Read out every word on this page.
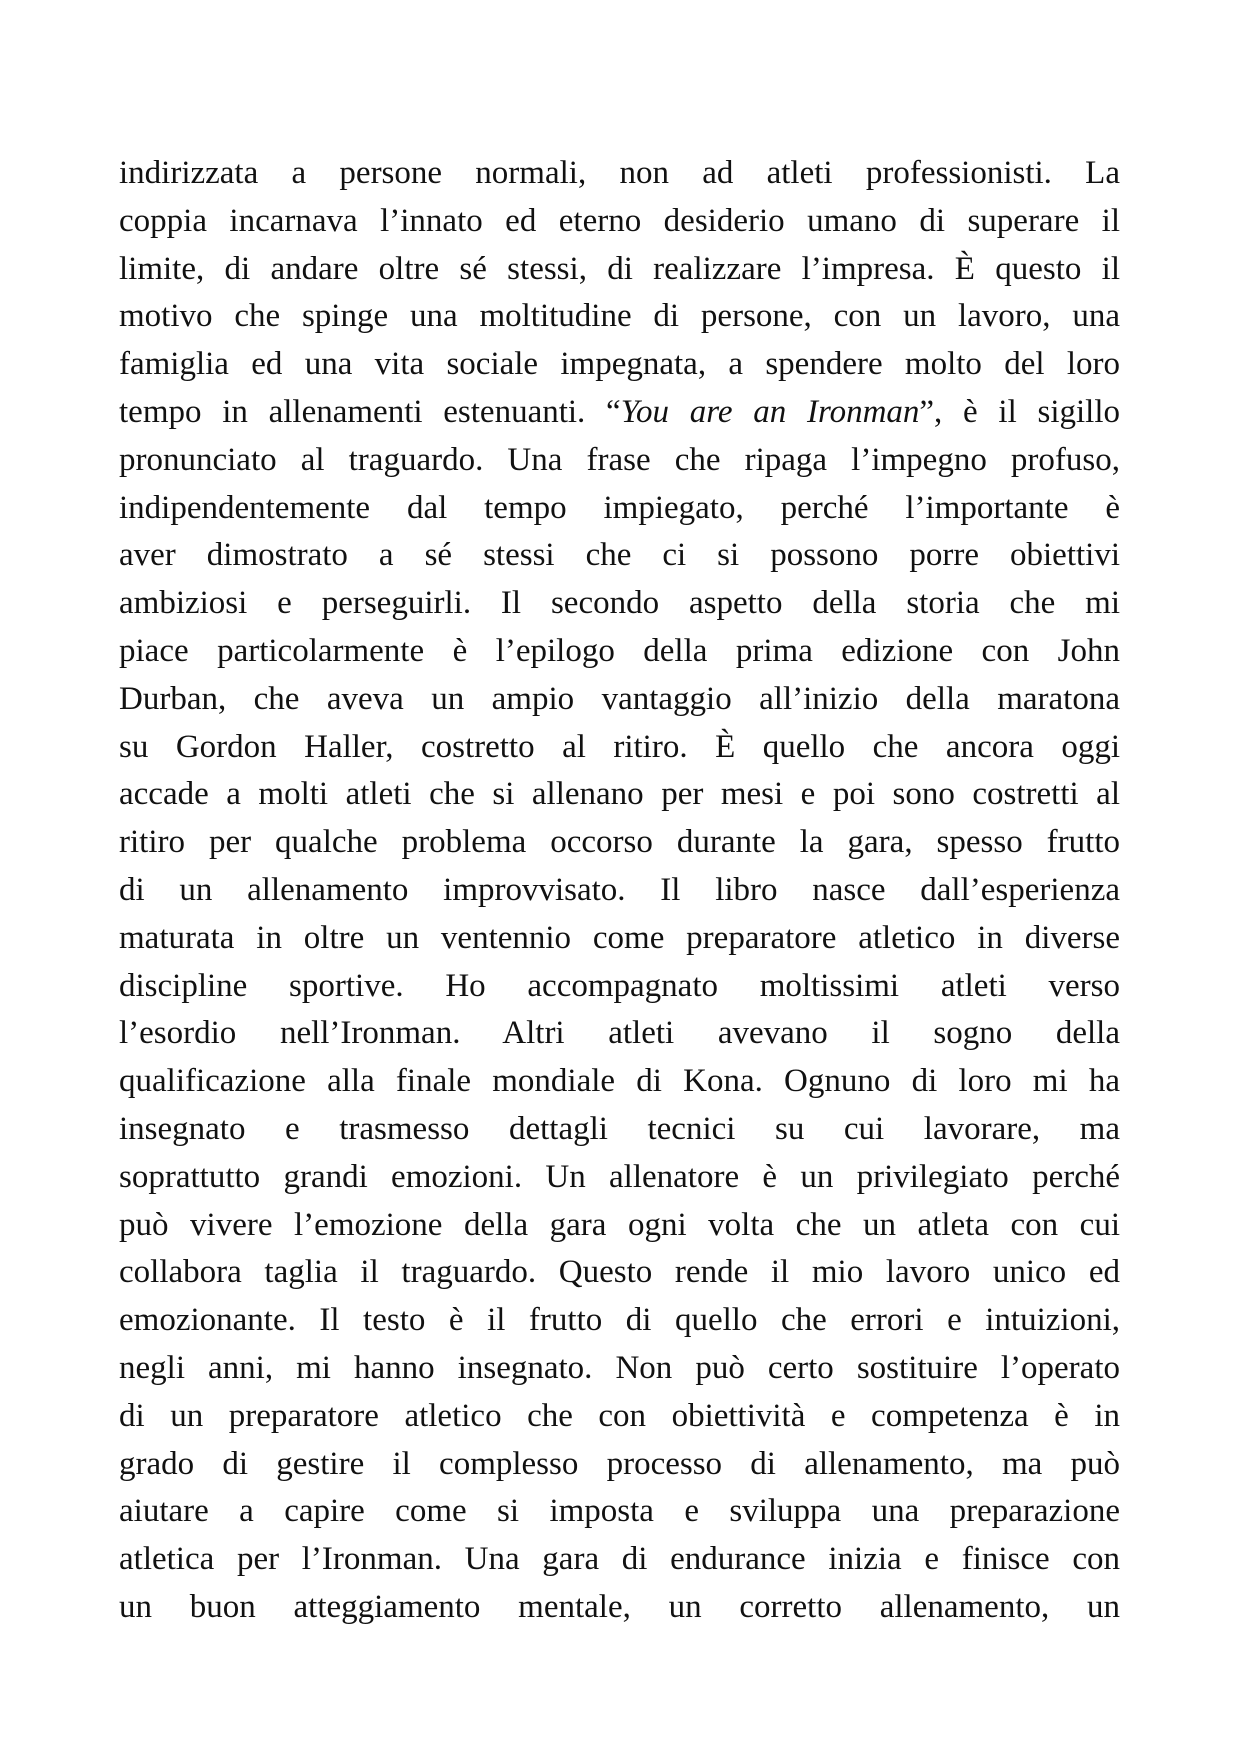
indirizzata a persone normali, non ad atleti professionisti. La
coppia incarnava l’innato ed eterno desiderio umano di superare il
limite, di andare oltre sé stessi, di realizzare l’impresa. È questo il
motivo che spinge una moltitudine di persone, con un lavoro, una
famiglia ed una vita sociale impegnata, a spendere molto del loro
tempo in allenamenti estenuanti. “You are an Ironman”, è il sigillo
pronunciato al traguardo. Una frase che ripaga l’impegno profuso,
indipendentemente dal tempo impiegato, perché l’importante è
aver dimostrato a sé stessi che ci si possono porre obiettivi
ambiziosi e perseguirli. Il secondo aspetto della storia che mi
piace particolarmente è l’epilogo della prima edizione con John
Durban, che aveva un ampio vantaggio all’inizio della maratona
su Gordon Haller, costretto al ritiro. È quello che ancora oggi
accade a molti atleti che si allenano per mesi e poi sono costretti al
ritiro per qualche problema occorso durante la gara, spesso frutto
di un allenamento improvvisato. Il libro nasce dall’esperienza
maturata in oltre un ventennio come preparatore atletico in diverse
discipline sportive. Ho accompagnato moltissimi atleti verso
l’esordio nell’Ironman. Altri atleti avevano il sogno della
qualificazione alla finale mondiale di Kona. Ognuno di loro mi ha
insegnato e trasmesso dettagli tecnici su cui lavorare, ma
soprattutto grandi emozioni. Un allenatore è un privilegiato perché
può vivere l’emozione della gara ogni volta che un atleta con cui
collabora taglia il traguardo. Questo rende il mio lavoro unico ed
emozionante. Il testo è il frutto di quello che errori e intuizioni,
negli anni, mi hanno insegnato. Non può certo sostituire l’operato
di un preparatore atletico che con obiettività e competenza è in
grado di gestire il complesso processo di allenamento, ma può
aiutare a capire come si imposta e sviluppa una preparazione
atletica per l’Ironman. Una gara di endurance inizia e finisce con
un buon atteggiamento mentale, un corretto allenamento, un
